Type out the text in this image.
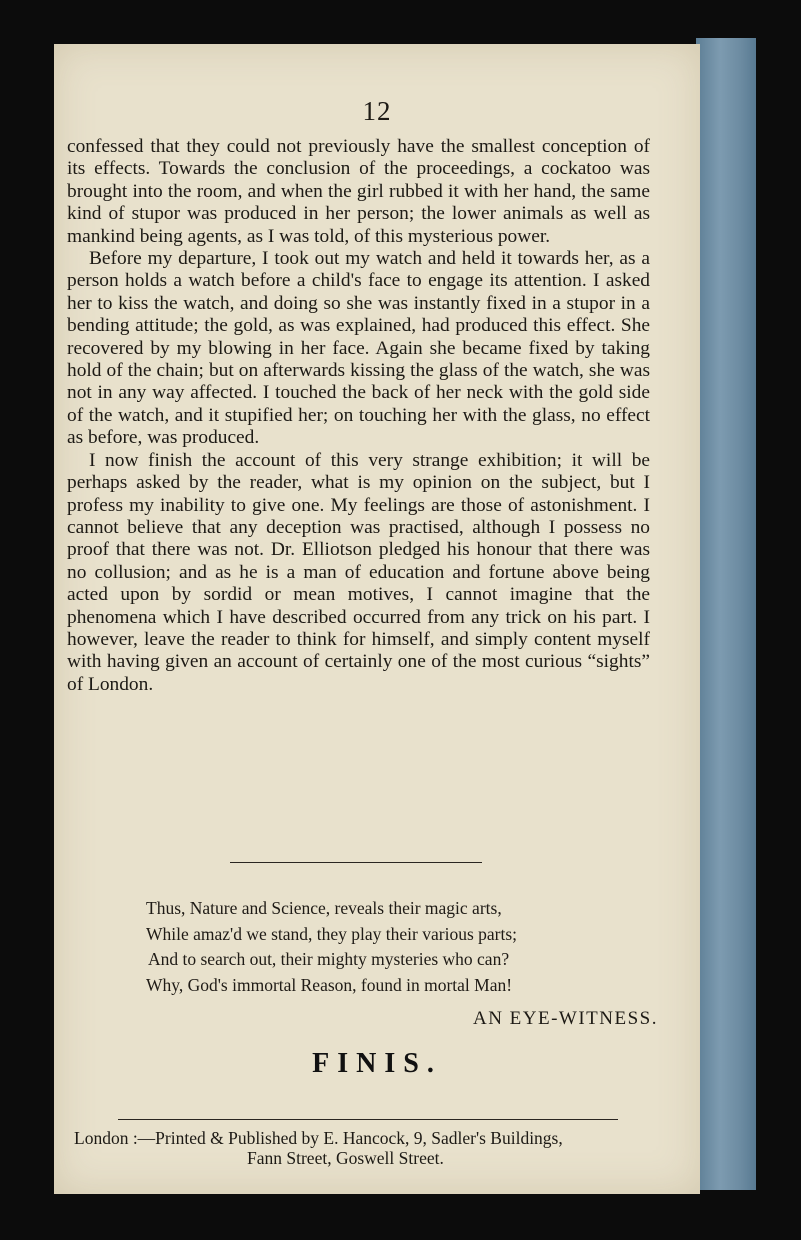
12

confessed that they could not previously have the smallest conception of its effects. Towards the conclusion of the proceedings, a cockatoo was brought into the room, and when the girl rubbed it with her hand, the same kind of stupor was produced in her person; the lower animals as well as mankind being agents, as I was told, of this mysterious power.

Before my departure, I took out my watch and held it towards her, as a person holds a watch before a child's face to engage its attention. I asked her to kiss the watch, and doing so she was instantly fixed in a stupor in a bending attitude; the gold, as was explained, had produced this effect. She recovered by my blowing in her face. Again she became fixed by taking hold of the chain; but on afterwards kissing the glass of the watch, she was not in any way affected. I touched the back of her neck with the gold side of the watch, and it stupified her; on touching her with the glass, no effect as before, was produced.

I now finish the account of this very strange exhibition; it will be perhaps asked by the reader, what is my opinion on the subject, but I profess my inability to give one. My feelings are those of astonishment. I cannot believe that any deception was practised, although I possess no proof that there was not. Dr. Elliotson pledged his honour that there was no collusion; and as he is a man of education and fortune above being acted upon by sordid or mean motives, I cannot imagine that the phenomena which I have described occurred from any trick on his part. I however, leave the reader to think for himself, and simply content myself with having given an account of certainly one of the most curious “sights” of London.

Thus, Nature and Science, reveals their magic arts,
While amaz'd we stand, they play their various parts;
And to search out, their mighty mysteries who can?
Why, God's immortal Reason, found in mortal Man!
AN EYE-WITNESS.
FINIS.
London :—Printed & Published by E. Hancock, 9, Sadler's Buildings,
Fann Street, Goswell Street.
